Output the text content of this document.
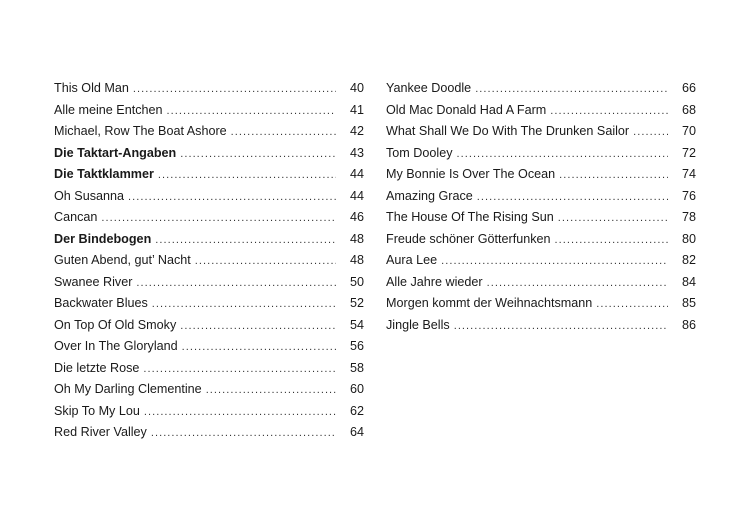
This Old Man . . .	40
Alle meine Entchen . . .	41
Michael, Row The Boat Ashore . . .	42
Die Taktart-Angaben . . .	43
Die Taktklammer . . .	44
Oh Susanna . . .	44
Cancan . . .	46
Der Bindebogen . . .	48
Guten Abend, gut’ Nacht . . .	48
Swanee River . . .	50
Backwater Blues . . .	52
On Top Of Old Smoky . . .	54
Over In The Gloryland . . .	56
Die letzte Rose . . .	58
Oh My Darling Clementine . . .	60
Skip To My Lou . . .	62
Red River Valley . . .	64
Yankee Doodle . . .	66
Old Mac Donald Had A Farm . . .	68
What Shall We Do With The Drunken Sailor . . .	70
Tom Dooley . . .	72
My Bonnie Is Over The Ocean . . .	74
Amazing Grace . . .	76
The House Of The Rising Sun . . .	78
Freude schöner Götterfunken . . .	80
Aura Lee . . .	82
Alle Jahre wieder . . .	84
Morgen kommt der Weihnachtsmann . . .	85
Jingle Bells . . .	86
